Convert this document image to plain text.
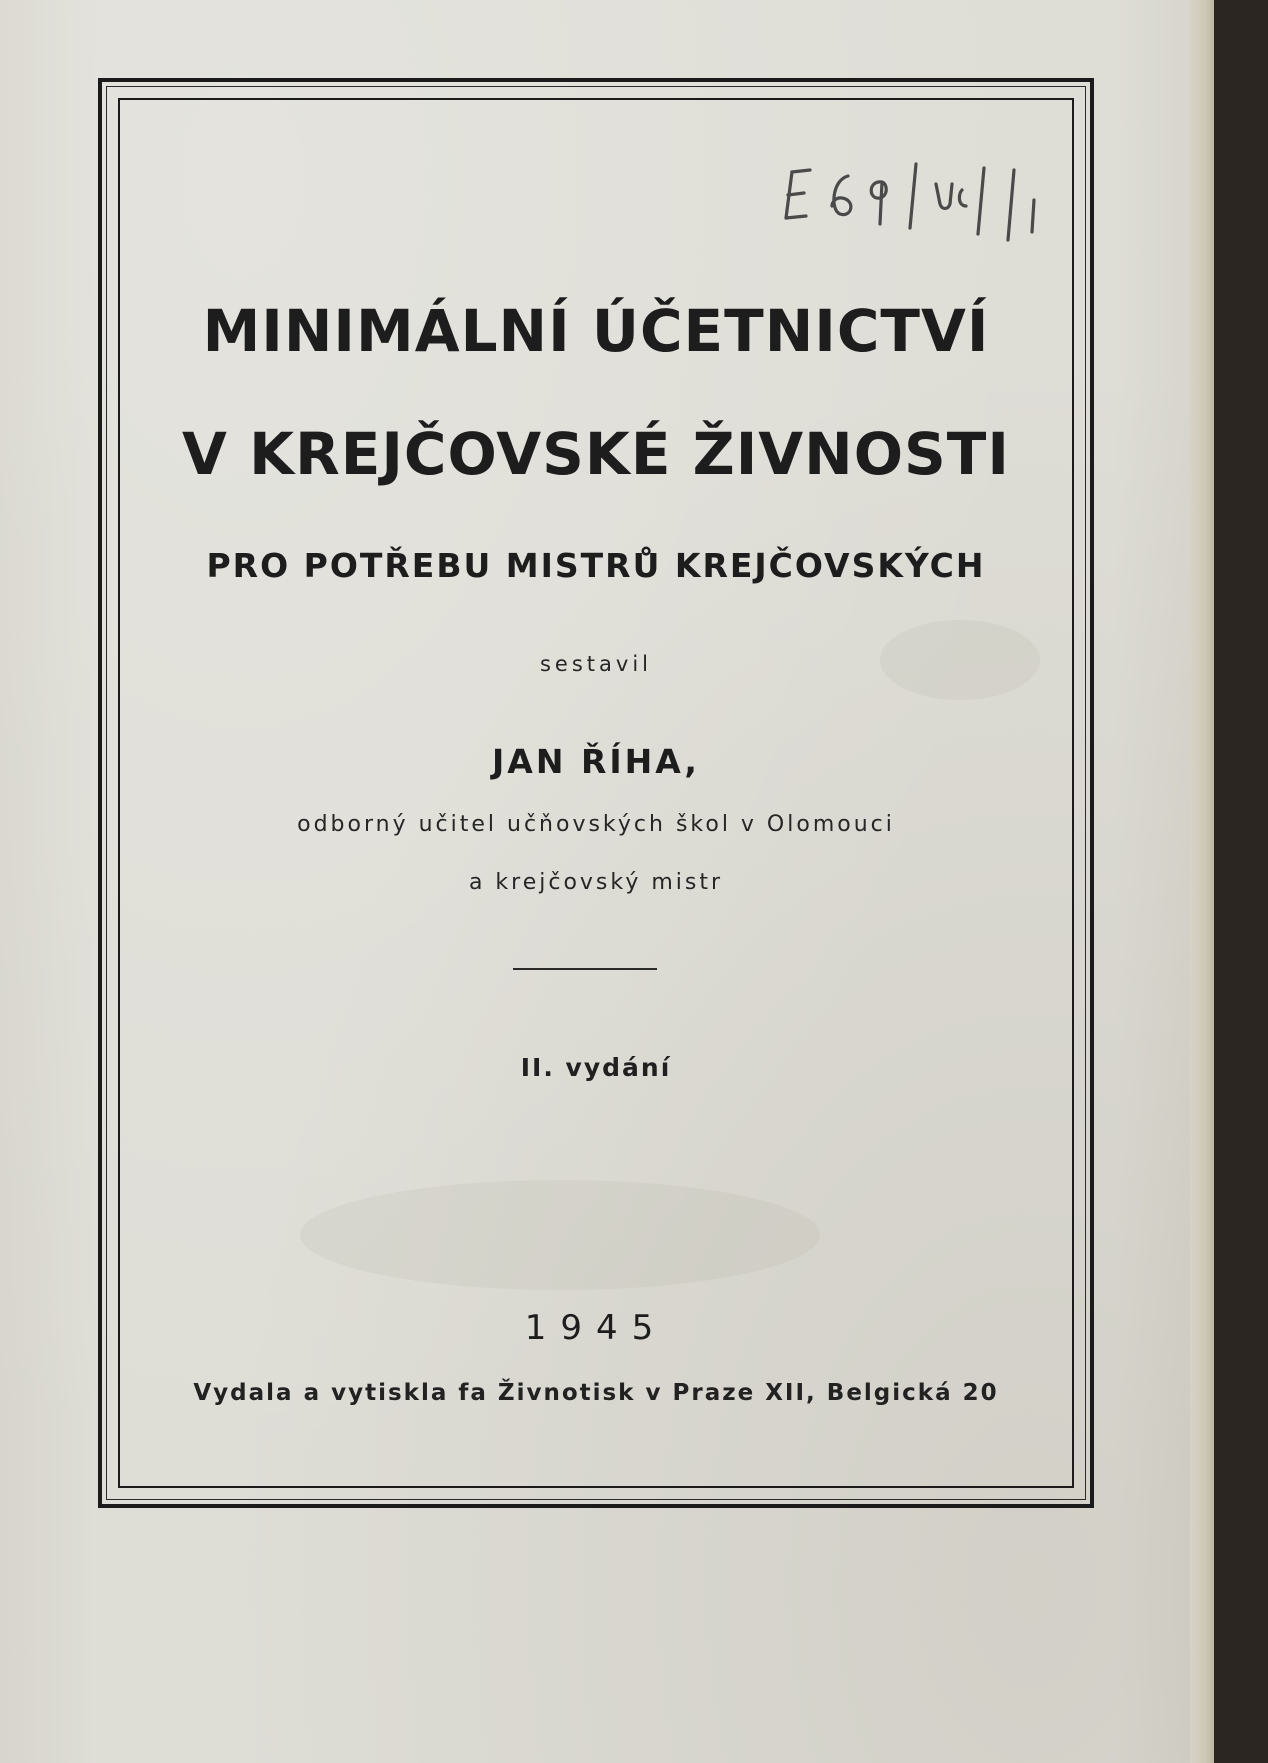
MINIMÁLNÍ ÚČETNICTVÍ
V KREJČOVSKÉ ŽIVNOSTI
PRO POTŘEBU MISTRŮ KREJČOVSKÝCH
sestavil
JAN ŘÍHA,
odborný učitel učňovských škol v Olomouci
a krejčovský mistr
II. vydání
1945
Vydala a vytiskla fa Živnotisk v Praze XII, Belgická 20
